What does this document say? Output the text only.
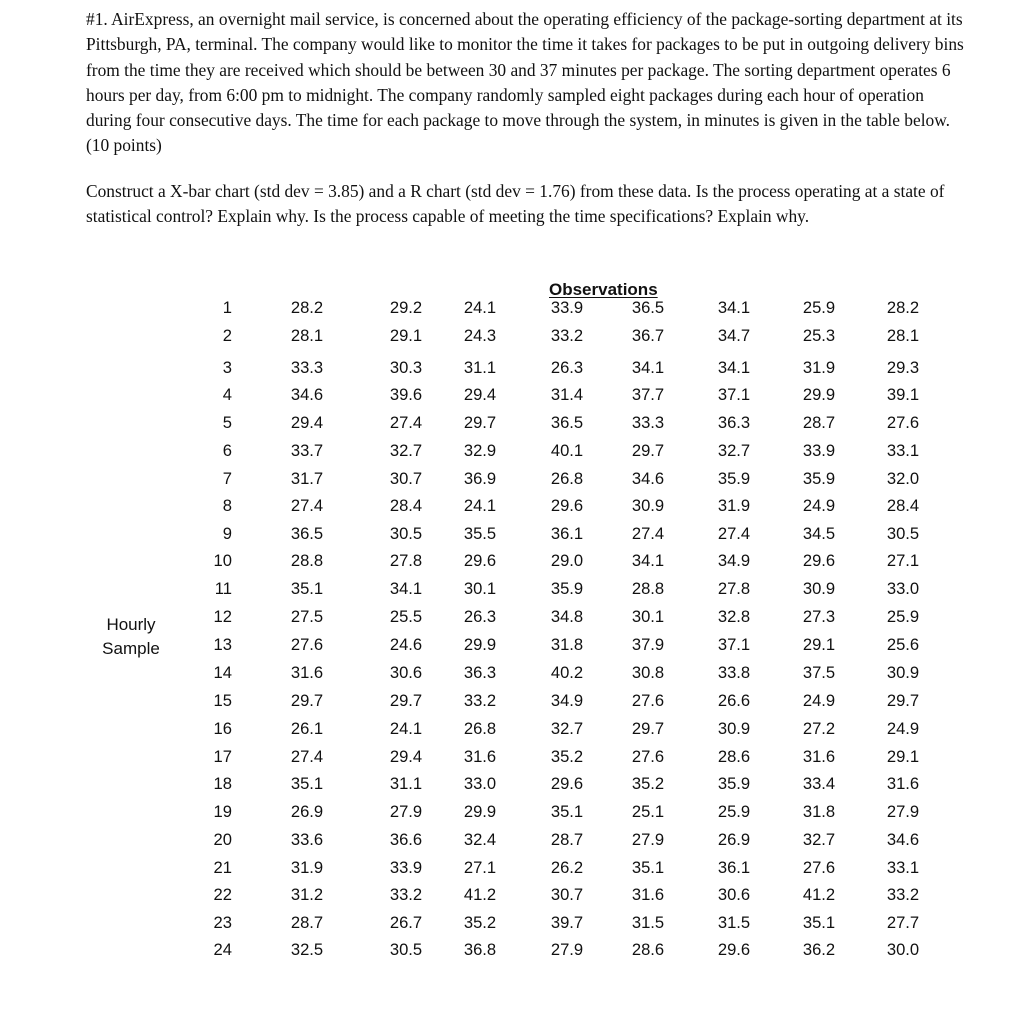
#1. AirExpress, an overnight mail service, is concerned about the operating efficiency of the package-sorting department at its Pittsburgh, PA, terminal. The company would like to monitor the time it takes for packages to be put in outgoing delivery bins from the time they are received which should be between 30 and 37 minutes per package. The sorting department operates 6 hours per day, from 6:00 pm to midnight. The company randomly sampled eight packages during each hour of operation during four consecutive days. The time for each package to move through the system, in minutes is given in the table below. (10 points)

Construct a X-bar chart (std dev = 3.85) and a R chart (std dev = 1.76) from these data. Is the process operating at a state of statistical control? Explain why. Is the process capable of meeting the time specifications? Explain why.

Observations
Hourly
Sample
1	28.2	29.2	24.1	33.9	36.5	34.1	25.9	28.2
2	28.1	29.1	24.3	33.2	36.7	34.7	25.3	28.1
3	33.3	30.3	31.1	26.3	34.1	34.1	31.9	29.3
4	34.6	39.6	29.4	31.4	37.7	37.1	29.9	39.1
5	29.4	27.4	29.7	36.5	33.3	36.3	28.7	27.6
6	33.7	32.7	32.9	40.1	29.7	32.7	33.9	33.1
7	31.7	30.7	36.9	26.8	34.6	35.9	35.9	32.0
8	27.4	28.4	24.1	29.6	30.9	31.9	24.9	28.4
9	36.5	30.5	35.5	36.1	27.4	27.4	34.5	30.5
10	28.8	27.8	29.6	29.0	34.1	34.9	29.6	27.1
11	35.1	34.1	30.1	35.9	28.8	27.8	30.9	33.0
12	27.5	25.5	26.3	34.8	30.1	32.8	27.3	25.9
13	27.6	24.6	29.9	31.8	37.9	37.1	29.1	25.6
14	31.6	30.6	36.3	40.2	30.8	33.8	37.5	30.9
15	29.7	29.7	33.2	34.9	27.6	26.6	24.9	29.7
16	26.1	24.1	26.8	32.7	29.7	30.9	27.2	24.9
17	27.4	29.4	31.6	35.2	27.6	28.6	31.6	29.1
18	35.1	31.1	33.0	29.6	35.2	35.9	33.4	31.6
19	26.9	27.9	29.9	35.1	25.1	25.9	31.8	27.9
20	33.6	36.6	32.4	28.7	27.9	26.9	32.7	34.6
21	31.9	33.9	27.1	26.2	35.1	36.1	27.6	33.1
22	31.2	33.2	41.2	30.7	31.6	30.6	41.2	33.2
23	28.7	26.7	35.2	39.7	31.5	31.5	35.1	27.7
24	32.5	30.5	36.8	27.9	28.6	29.6	36.2	30.0
